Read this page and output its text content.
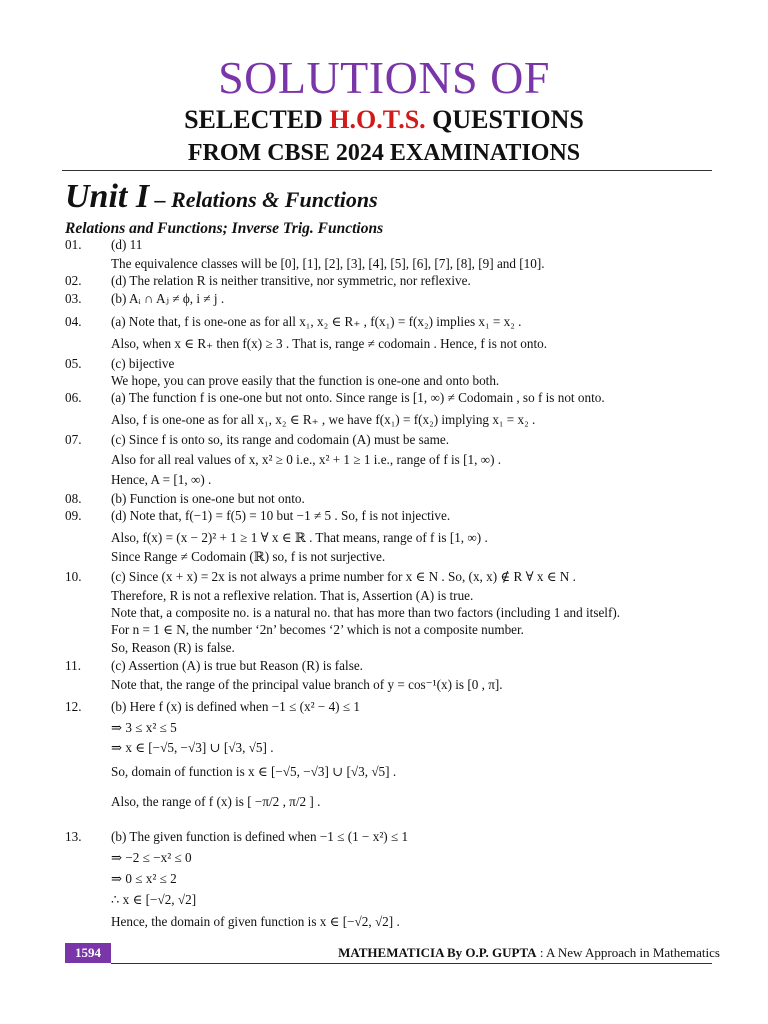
SOLUTIONS OF
SELECTED H.O.T.S. QUESTIONS
FROM CBSE 2024 EXAMINATIONS
Unit I – Relations & Functions
Relations and Functions; Inverse Trig. Functions
01. (d) 11
The equivalence classes will be [0], [1], [2], [3], [4], [5], [6], [7], [8], [9] and [10].
02. (d) The relation R is neither transitive, nor symmetric, nor reflexive.
03. (b) Aᵢ ∩ Aⱼ ≠ ϕ, i ≠ j .
04. (a) Note that, f is one-one as for all x₁, x₂ ∈ R₊ , f(x₁) = f(x₂) implies x₁ = x₂ .
Also, when x ∈ R₊ then f(x) ≥ 3 . That is, range ≠ codomain . Hence, f is not onto.
05. (c) bijective
We hope, you can prove easily that the function is one-one and onto both.
06. (a) The function f is one-one but not onto. Since range is [1, ∞) ≠ Codomain , so f is not onto.
Also, f is one-one as for all x₁, x₂ ∈ R₊ , we have f(x₁) = f(x₂) implying x₁ = x₂ .
07. (c) Since f is onto so, its range and codomain (A) must be same.
Also for all real values of x, x² ≥ 0 i.e., x² + 1 ≥ 1 i.e., range of f is [1, ∞) .
Hence, A = [1, ∞) .
08. (b) Function is one-one but not onto.
09. (d) Note that, f(−1) = f(5) = 10 but −1 ≠ 5 . So, f is not injective.
Also, f(x) = (x − 2)² + 1 ≥ 1 ∀ x ∈ ℝ . That means, range of f is [1, ∞) .
Since Range ≠ Codomain (ℝ) so, f is not surjective.
10. (c) Since (x + x) = 2x is not always a prime number for x ∈ N . So, (x, x) ∉ R ∀ x ∈ N .
Therefore, R is not a reflexive relation. That is, Assertion (A) is true.
Note that, a composite no. is a natural no. that has more than two factors (including 1 and itself).
For n = 1 ∈ N, the number ‘2n’ becomes ‘2’ which is not a composite number.
So, Reason (R) is false.
11. (c) Assertion (A) is true but Reason (R) is false.
Note that, the range of the principal value branch of y = cos⁻¹(x) is [0 , π].
12. (b) Here f (x) is defined when −1 ≤ (x² − 4) ≤ 1
⇒ 3 ≤ x² ≤ 5
⇒ x ∈ [−√5, −√3] ∪ [√3, √5] .
So, domain of function is x ∈ [−√5, −√3] ∪ [√3, √5] .
Also, the range of f (x) is [ −π/2 , π/2 ] .
13. (b) The given function is defined when −1 ≤ (1 − x²) ≤ 1
⇒ −2 ≤ −x² ≤ 0
⇒ 0 ≤ x² ≤ 2
∴ x ∈ [−√2, √2]
Hence, the domain of given function is x ∈ [−√2, √2] .
1594	MATHEMATICIA By O.P. GUPTA : A New Approach in Mathematics
